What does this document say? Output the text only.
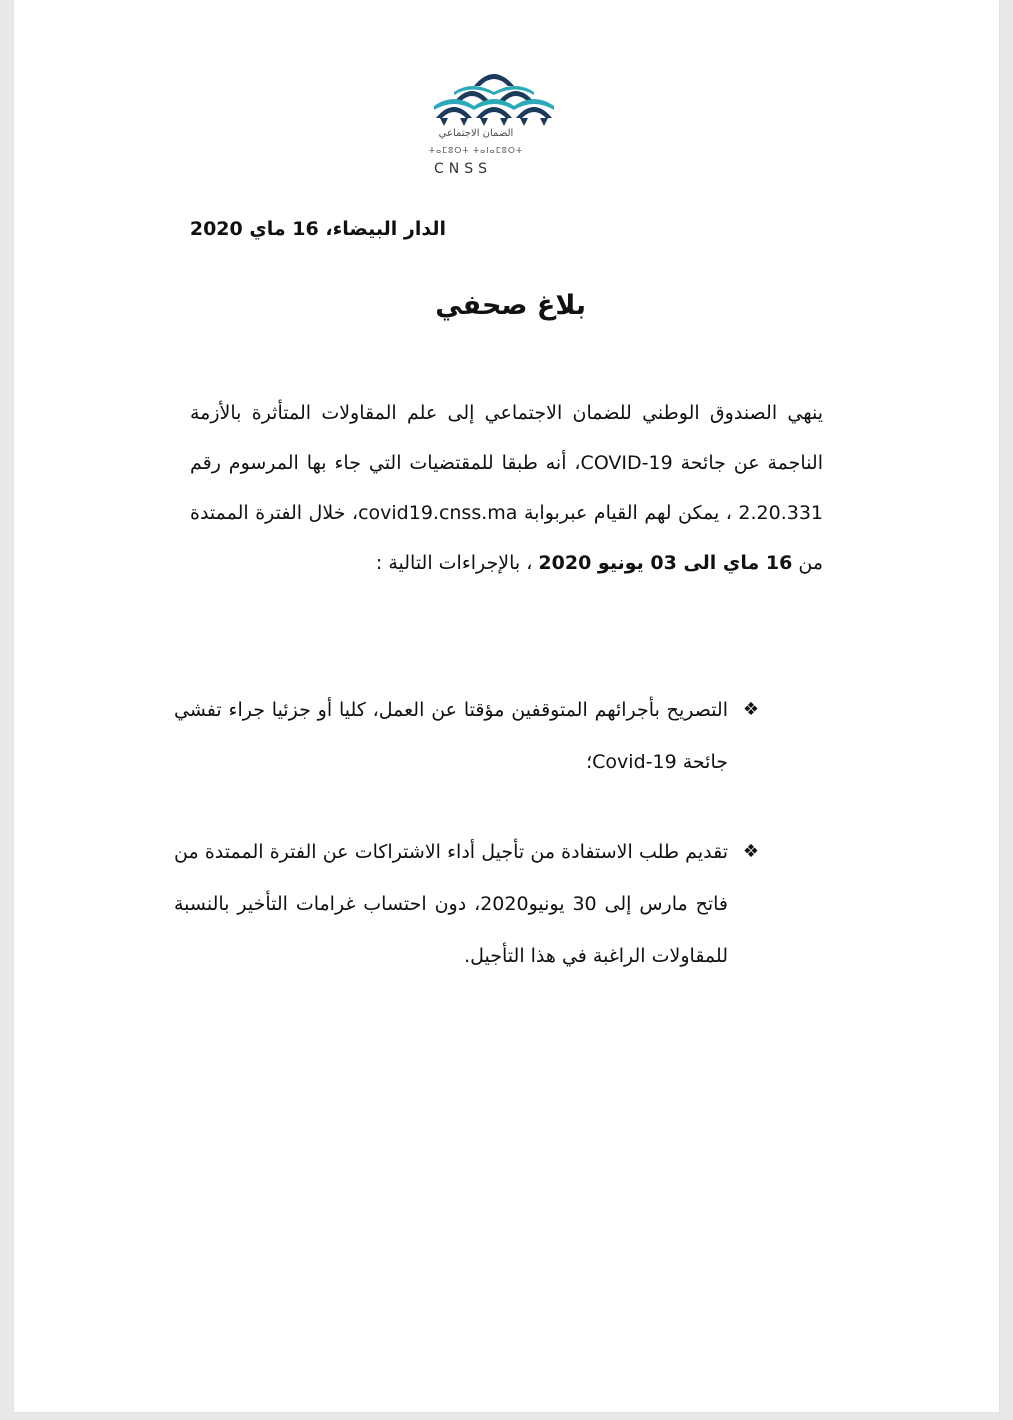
الضمان الاجتماعي
ⵜⴰⵎⵓⵔⵜ ⵜⴰⵏⴰⵎⵓⵔⵜ
CNSS
الدار البيضاء، 16 ماي 2020
بلاغ صحفي
ينهي الصندوق الوطني للضمان الاجتماعي إلى علم المقاولات المتأثرة بالأزمة الناجمة عن جائحة COVID-19، أنه طبقا للمقتضيات التي جاء بها المرسوم رقم 2.20.331 ، يمكن لهم القيام عبربوابة covid19.cnss.ma، خلال الفترة الممتدة من 16 ماي الى 03 يونيو 2020 ، بالإجراءات التالية :
❖
التصريح بأجرائهم المتوقفين مؤقتا عن العمل، كليا أو جزئيا جراء تفشي جائحة Covid-19؛
❖
تقديم طلب الاستفادة من تأجيل أداء الاشتراكات عن الفترة الممتدة من فاتح مارس إلى 30 يونيو2020، دون احتساب غرامات التأخير بالنسبة للمقاولات الراغبة في هذا التأجيل.
